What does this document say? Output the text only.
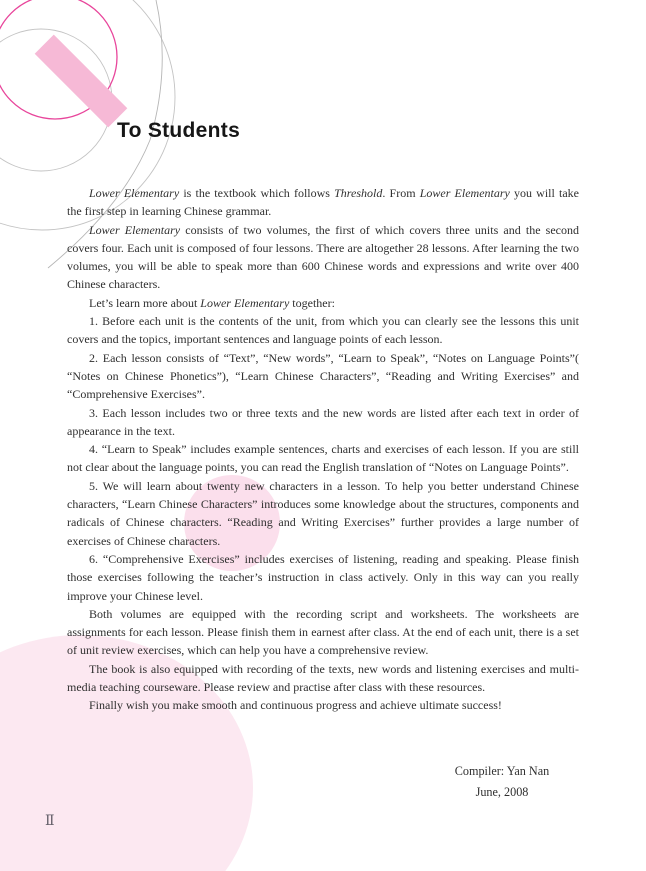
To Students

Lower Elementary is the textbook which follows Threshold. From Lower Elementary you will take the first step in learning Chinese grammar.

Lower Elementary consists of two volumes, the first of which covers three units and the second covers four. Each unit is composed of four lessons. There are altogether 28 lessons. After learning the two volumes, you will be able to speak more than 600 Chinese words and expressions and write over 400 Chinese characters.

Let’s learn more about Lower Elementary together:

1. Before each unit is the contents of the unit, from which you can clearly see the lessons this unit covers and the topics, important sentences and language points of each lesson.

2. Each lesson consists of “Text”, “New words”, “Learn to Speak”, “Notes on Language Points”( “Notes on Chinese Phonetics”), “Learn Chinese Characters”, “Reading and Writing Exercises” and “Comprehensive Exercises”.

3. Each lesson includes two or three texts and the new words are listed after each text in order of appearance in the text.

4. “Learn to Speak” includes example sentences, charts and exercises of each lesson. If you are still not clear about the language points, you can read the English translation of “Notes on Language Points”.

5. We will learn about twenty new characters in a lesson. To help you better understand Chinese characters, “Learn Chinese Characters” introduces some knowledge about the structures, components and radicals of Chinese characters. “Reading and Writing Exercises” further provides a large number of exercises of Chinese characters.

6. “Comprehensive Exercises” includes exercises of listening, reading and speaking. Please finish those exercises following the teacher’s instruction in class actively. Only in this way can you really improve your Chinese level.

Both volumes are equipped with the recording script and worksheets. The worksheets are assignments for each lesson. Please finish them in earnest after class. At the end of each unit, there is a set of unit review exercises, which can help you have a comprehensive review.

The book is also equipped with recording of the texts, new words and listening exercises and multi-media teaching courseware. Please review and practise after class with these resources.

Finally wish you make smooth and continuous progress and achieve ultimate success!

Compiler: Yan Nan
June, 2008
Ⅱ
